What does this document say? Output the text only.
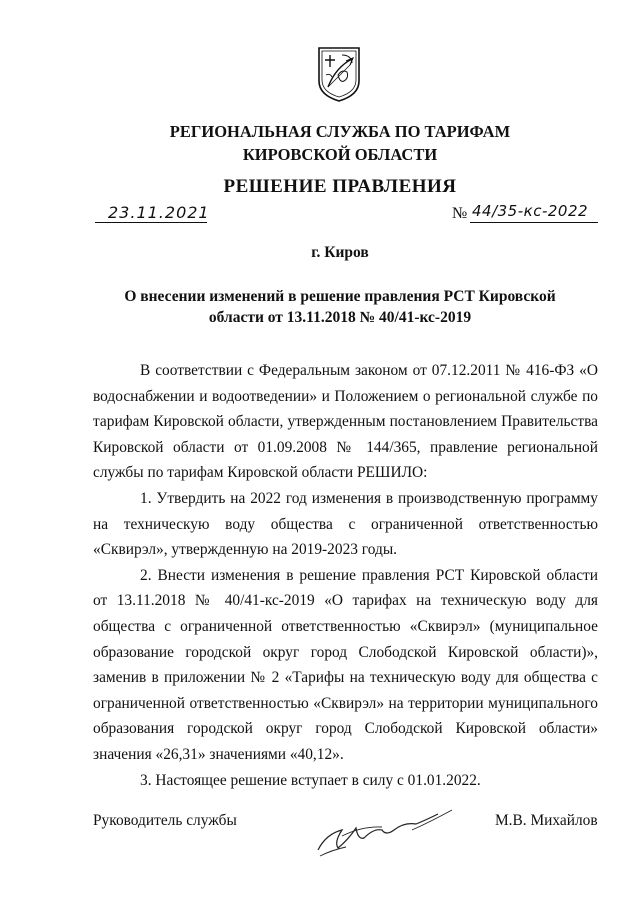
РЕГИОНАЛЬНАЯ СЛУЖБА ПО ТАРИФАМ
КИРОВСКОЙ ОБЛАСТИ
РЕШЕНИЕ ПРАВЛЕНИЯ
23.11.2021	№ 44/35-кс-2022
г. Киров
О внесении изменений в решение правления РСТ Кировской
области от 13.11.2018 № 40/41-кс-2019

В соответствии с Федеральным законом от 07.12.2011 № 416-ФЗ «О водоснабжении и водоотведении» и Положением о региональной службе по тарифам Кировской области, утвержденным постановлением Правительства Кировской области от 01.09.2008 № 144/365, правление региональной службы по тарифам Кировской области РЕШИЛО:

1. Утвердить на 2022 год изменения в производственную программу на техническую воду общества с ограниченной ответственностью «Сквирэл», утвержденную на 2019-2023 годы.

2. Внести изменения в решение правления РСТ Кировской области от 13.11.2018 № 40/41-кс-2019 «О тарифах на техническую воду для общества с ограниченной ответственностью «Сквирэл» (муниципальное образование городской округ город Слободской Кировской области)», заменив в приложении № 2 «Тарифы на техническую воду для общества с ограниченной ответственностью «Сквирэл» на территории муниципального образования городской округ город Слободской Кировской области» значения «26,31» значениями «40,12».

3. Настоящее решение вступает в силу с 01.01.2022.

Руководитель службы	М.В. Михайлов
